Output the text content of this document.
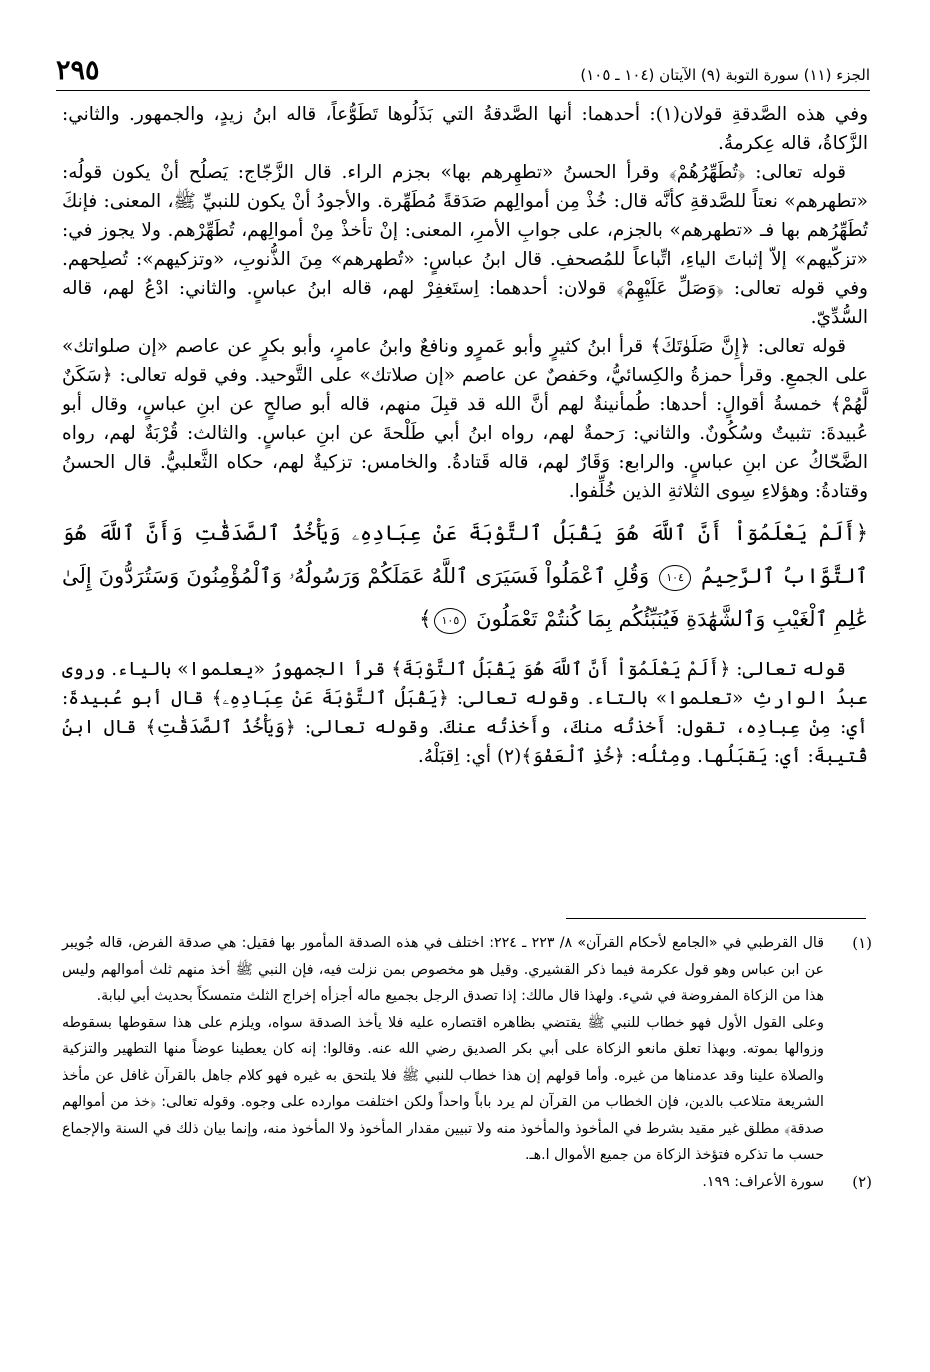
الجزء (١١) سورة التوبة (٩) الآيتان (١٠٤ ـ ١٠٥)
٢٩٥

وفي هذه الصَّدقةِ قولان(١): أحدهما: أنها الصَّدقةُ التي بَذَلُوها تَطَوُّعاً، قاله ابنُ زيدٍ، والجمهور. والثاني: الزَّكاةُ، قاله عِكرمةُ.

قوله تعالى: ﴿تُطَهِّرُهُمْ﴾ وقرأ الحسنُ «تطهِرهم بها» بجزم الراء. قال الزَّجّاج: يَصلُح أنْ يكون قولُه: «تطهرهم» نعتاً للصَّدقةِ كأنَّه قال: خُذْ مِن أموالِهم صَدَقةً مُطَهِّرة. والأجودُ أنْ يكون للنبيِّ ﷺ، المعنى: فإنكَ تُطَهِّرُهم بها فـ «تطهرهم» بالجزم، على جوابِ الأمرِ، المعنى: إنْ تأخذْ مِنْ أموالِهم، تُطَهِّرْهم. ولا يجوز في: «تزكّيهم» إلاّ إثباتَ الياءِ، اتِّباعاً للمُصحفِ. قال ابنُ عباسٍ: «تُطهرهم» مِنَ الذُّنوبِ، «وتزكيهم»: تُصلِحهم. وفي قوله تعالى: ﴿وَصَلِّ عَلَيْهِمْ﴾ قولان: أحدهما: اِستَغفِرْ لهم، قاله ابنُ عباسٍ. والثاني: ادْعُ لهم، قاله السُّدِّيّ.

قوله تعالى: ﴿إِنَّ صَلَوٰتَكَ﴾ قرأ ابنُ كثيرٍ وأبو عَمرٍو ونافعٌ وابنُ عامرٍ، وأبو بكرٍ عن عاصم «إن صلواتك» على الجمعِ. وقرأ حمزةُ والكِسائيُّ، وحَفصٌ عن عاصم «إن صلاتك» على التَّوحيد. وفي قوله تعالى: ﴿سَكَنٌ لَّهُمْ﴾ خمسةُ أقوالٍ: أحدها: طُمأنينةٌ لهم أنَّ الله قد قبِلَ منهم، قاله أبو صالحٍ عن ابنِ عباسٍ، وقال أبو عُبيدةَ: تثبيتٌ وسُكُونٌ. والثاني: رَحمةٌ لهم، رواه ابنُ أبي طَلْحةَ عن ابنِ عباسٍ. والثالث: قُرْبَةٌ لهم، رواه الضَّحّاكُ عن ابنِ عباسٍ. والرابع: وَقَارٌ لهم، قاله قَتادةُ. والخامس: تزكيةٌ لهم، حكاه الثَّعلبيُّ. قال الحسنُ وقتادةُ: وهؤلاءِ سِوى الثلاثةِ الذين خُلِّفوا.

﴿أَلَمْ يَعْلَمُوٓاْ أَنَّ ٱللَّهَ هُوَ يَقْبَلُ ٱلتَّوْبَةَ عَنْ عِبَادِهِۦ وَيَأْخُذُ ٱلصَّدَقَٰتِ وَأَنَّ ٱللَّهَ هُوَ ٱلتَّوَّابُ ٱلرَّحِيمُ ١٠٤ وَقُلِ ٱعْمَلُواْ فَسَيَرَى ٱللَّهُ عَمَلَكُمْ وَرَسُولُهُۥ وَٱلْمُؤْمِنُونَ وَسَتُرَدُّونَ إِلَىٰ عَٰلِمِ ٱلْغَيْبِ وَٱلشَّهَٰدَةِ فَيُنَبِّئُكُم بِمَا كُنتُمْ تَعْمَلُونَ ١٠٥﴾

قوله تعالى: ﴿أَلَمْ يَعْلَمُوٓاْ أَنَّ ٱللَّهَ هُوَ يَقْبَلُ ٱلتَّوْبَةَ﴾ قرأ الجمهورُ «يعلموا» بالياء. وروى عبدُ الوارثِ «تعلموا» بالتاء. وقوله تعالى: ﴿يَقْبَلُ ٱلتَّوْبَةَ عَنْ عِبَادِهِۦ﴾ قال أبو عُبيدةَ: أي: مِنْ عِبادِه، تقول: أَخذتُه منكَ، وأَخذتُه عنكَ. وقوله تعالى: ﴿وَيَأْخُذُ ٱلصَّدَقَٰتِ﴾ قال ابنُ قُتيبةَ: أي: يَقبَلُها. ومِثلُه: ﴿خُذِ ٱلْعَفْوَ﴾(٢) أي: اِقبَلْهُ.

(١)

قال القرطبي في «الجامع لأحكام القرآن» ٨/ ٢٢٣ ـ ٢٢٤: اختلف في هذه الصدقة المأمور بها فقيل: هي صدقة الفرض، قاله جُويبر عن ابن عباس وهو قول عكرمة فيما ذكر القشيري. وقيل هو مخصوص بمن نزلت فيه، فإن النبي ﷺ أخذ منهم ثلث أموالهم وليس هذا من الزكاة المفروضة في شيء. ولهذا قال مالك: إذا تصدق الرجل بجميع ماله أجزأه إخراج الثلث متمسكاً بحديث أبي لبابة.

وعلى القول الأول فهو خطاب للنبي ﷺ يقتضي بظاهره اقتصاره عليه فلا يأخذ الصدقة سواه، ويلزم على هذا سقوطها بسقوطه وزوالها بموته. وبهذا تعلق مانعو الزكاة على أبي بكر الصديق رضي الله عنه. وقالوا: إنه كان يعطينا عوضاً منها التطهير والتزكية والصلاة علينا وقد عدمناها من غيره. وأما قولهم إن هذا خطاب للنبي ﷺ فلا يلتحق به غيره فهو كلام جاهل بالقرآن غافل عن مأخذ الشريعة متلاعب بالدين، فإن الخطاب من القرآن لم يرد باباً واحداً ولكن اختلفت موارده على وجوه. وقوله تعالى: ﴿خذ من أموالهم صدقة﴾ مطلق غير مقيد بشرط في المأخوذ والمأخوذ منه ولا تبيين مقدار المأخوذ ولا المأخوذ منه، وإنما بيان ذلك في السنة والإجماع حسب ما تذكره فتؤخذ الزكاة من جميع الأموال ا.هـ.

(٢)

سورة الأعراف: ١٩٩.
